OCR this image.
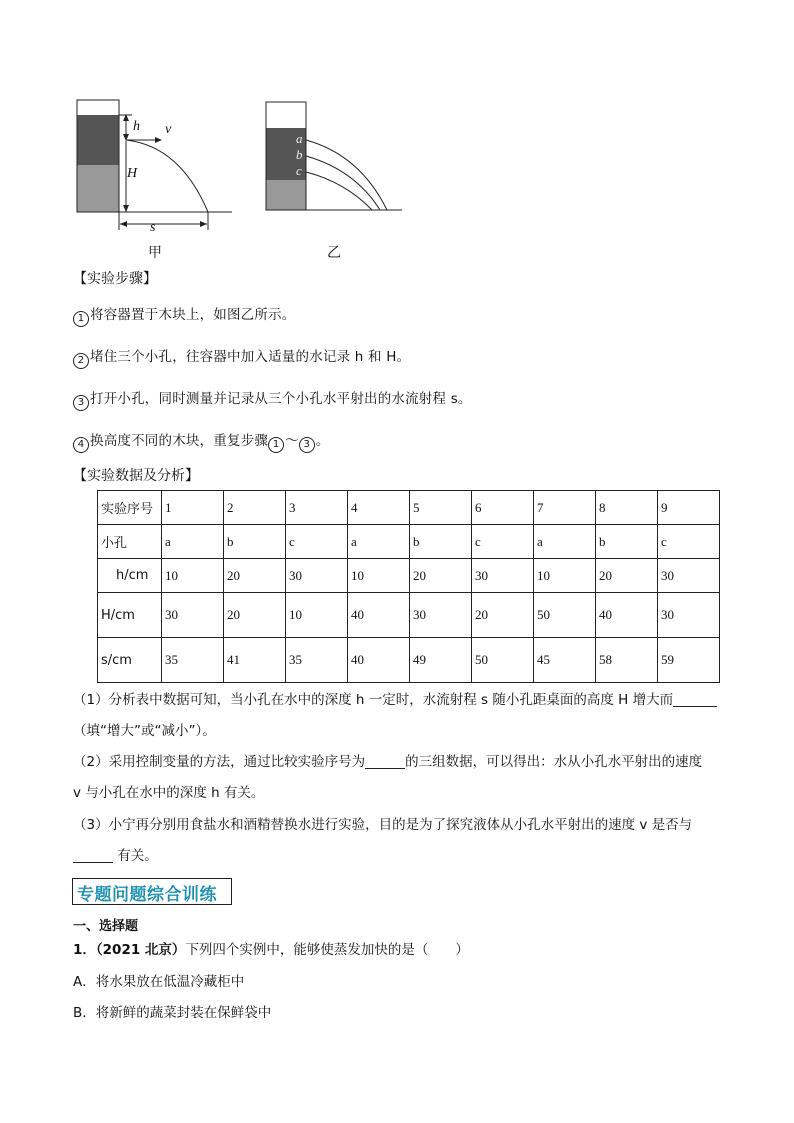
h v
H
s
a
b
c
甲	乙
【实验步骤】
1 将容器置于木块上，如图乙所示。
2 堵住三个小孔，往容器中加入适量的水记录 h 和 H。
3 打开小孔，同时测量并记录从三个小孔水平射出的水流射程 s。
4 换高度不同的木块，重复步骤 1 ～ 3 。
【实验数据及分析】
实验序号	1	2	3	4	5	6	7	8	9
小孔	a	b	c	a	b	c	a	b	c
h/cm	10	20	30	10	20	30	10	20	30
H/cm	30	20	10	40	30	20	50	40	30
s/cm	35	41	35	40	49	50	45	58	59
（1）分析表中数据可知，当小孔在水中的深度 h 一定时，水流射程 s 随小孔距桌面的高度 H 增大而
（填“增大”或“减小”）。
（2）采用控制变量的方法，通过比较实验序号为	的三组数据，可以得出：水从小孔水平射出的速度
v 与小孔在水中的深度 h 有关。
（3）小宁再分别用食盐水和酒精替换水进行实验，目的是为了探究液体从小孔水平射出的速度 v 是否与
有关。
专题问题综合训练
一、选择题
1．（2021 北京）下列四个实例中，能够使蒸发加快的是（　　）
A．将水果放在低温冷藏柜中
B．将新鲜的蔬菜封装在保鲜袋中
